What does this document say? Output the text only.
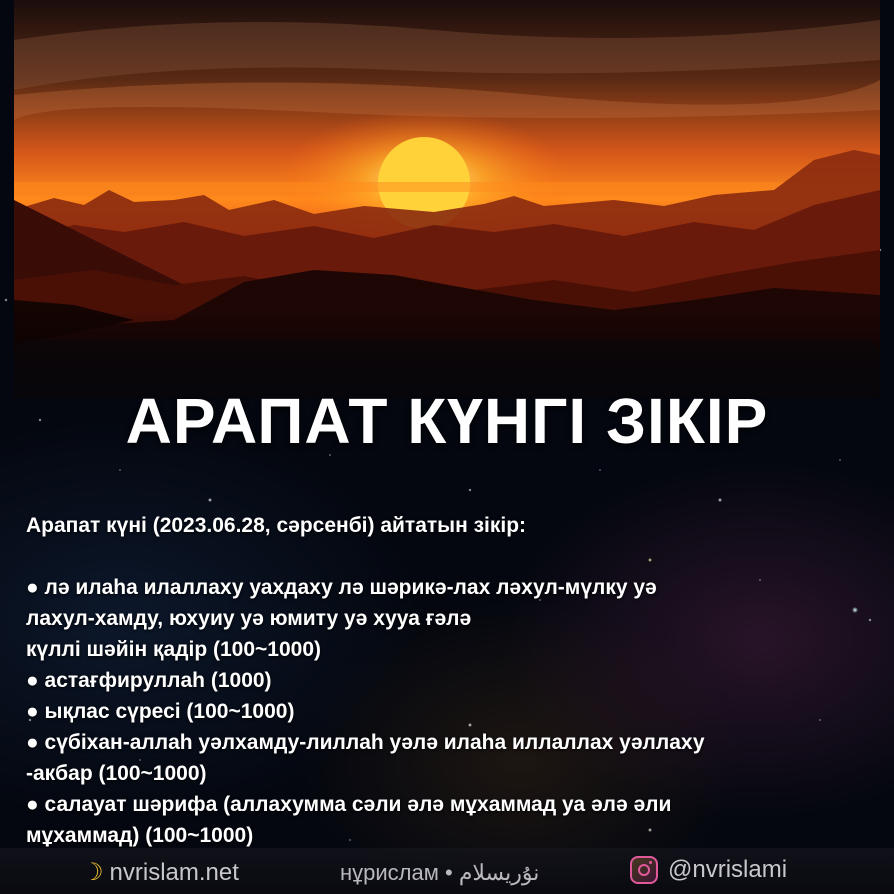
АРАПАТ КҮНГІ ЗІКІР

Арапат күні (2023.06.28, сәрсенбі) айтатын зікір:

● лә илаһа илаллаху уахдаху лә шәрикә-лах ләхул-мүлку уә

лахул-хамду, юхуиу уә юмиту уә хууа ғәлә

күллі шәйін қадір (100~1000)

● астағфируллаһ (1000)

● ықлас сүресі (100~1000)

● сүбіхан-аллаһ уәлхамду-лиллаһ уәлә илаһа иллаллах уәллаху

-акбар (100~1000)

● салауат шәрифа (аллахумма сәли әлә мұхаммад уа әлә әли

мұхаммад) (100~1000)

☽ nvrislam.net	нұрислам • نۇريسلام	@nvrislami
